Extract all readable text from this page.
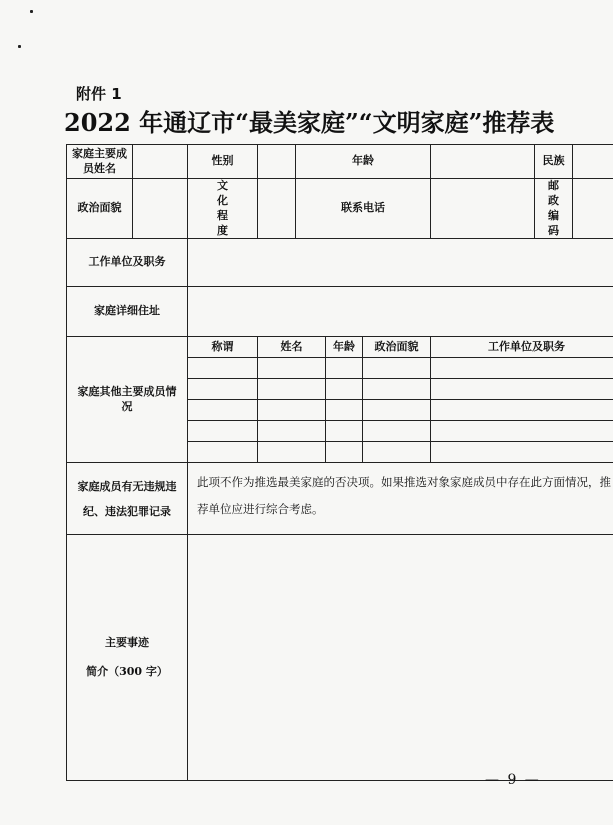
附件 1
2022 年通辽市“最美家庭”“文明家庭”推荐表
家庭主要成员姓名		性别		年龄				民族	
政治面貌		文化程度		联系电话				邮政编码	
工作单位及职务									
家庭详细住址									
家庭其他主要成员情况		称谓	姓名		年龄	政治面貌	工作单位及职务		

家庭成员有无违规违纪、违法犯罪记录		此项不作为推选最美家庭的否决项。如果推选对象家庭成员中存在此方面情况，推荐单位应进行综合考虑。							

主要事迹
简介（300 字）									

— 9 —
